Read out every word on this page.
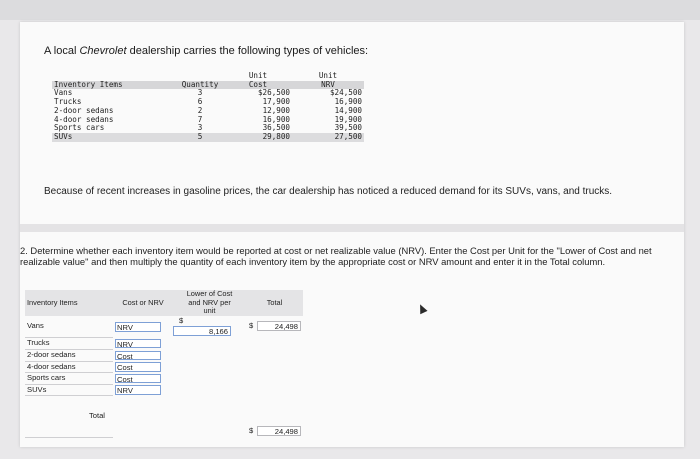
A local Chevrolet dealership carries the following types of vehicles:
		Unit	Unit
Inventory Items	Quantity	Cost	NRV
Vans	3	$26,500	$24,500
Trucks	6	17,900	16,900
2-door sedans	2	12,900	14,900
4-door sedans	7	16,900	19,900
Sports cars	3	36,500	39,500
SUVs	5	29,800	27,500
Because of recent increases in gasoline prices, the car dealership has noticed a reduced demand for its SUVs, vans, and trucks.
2. Determine whether each inventory item would be reported at cost or net realizable value (NRV). Enter the Cost per Unit for the "Lower of Cost and net realizable value" and then multiply the quantity of each inventory item by the appropriate cost or NRV amount and enter it in the Total column.
Inventory Items	Cost or NRV	Lower of Cost
and NRV per
unit	Total
Vans	NRV	$8,166	$ 24,498
Trucks	NRV		

2-door sedans	Cost		

4-door sedans	Cost		

Sports cars	Cost		

SUVs	NRV		

Total			$ 24,498
